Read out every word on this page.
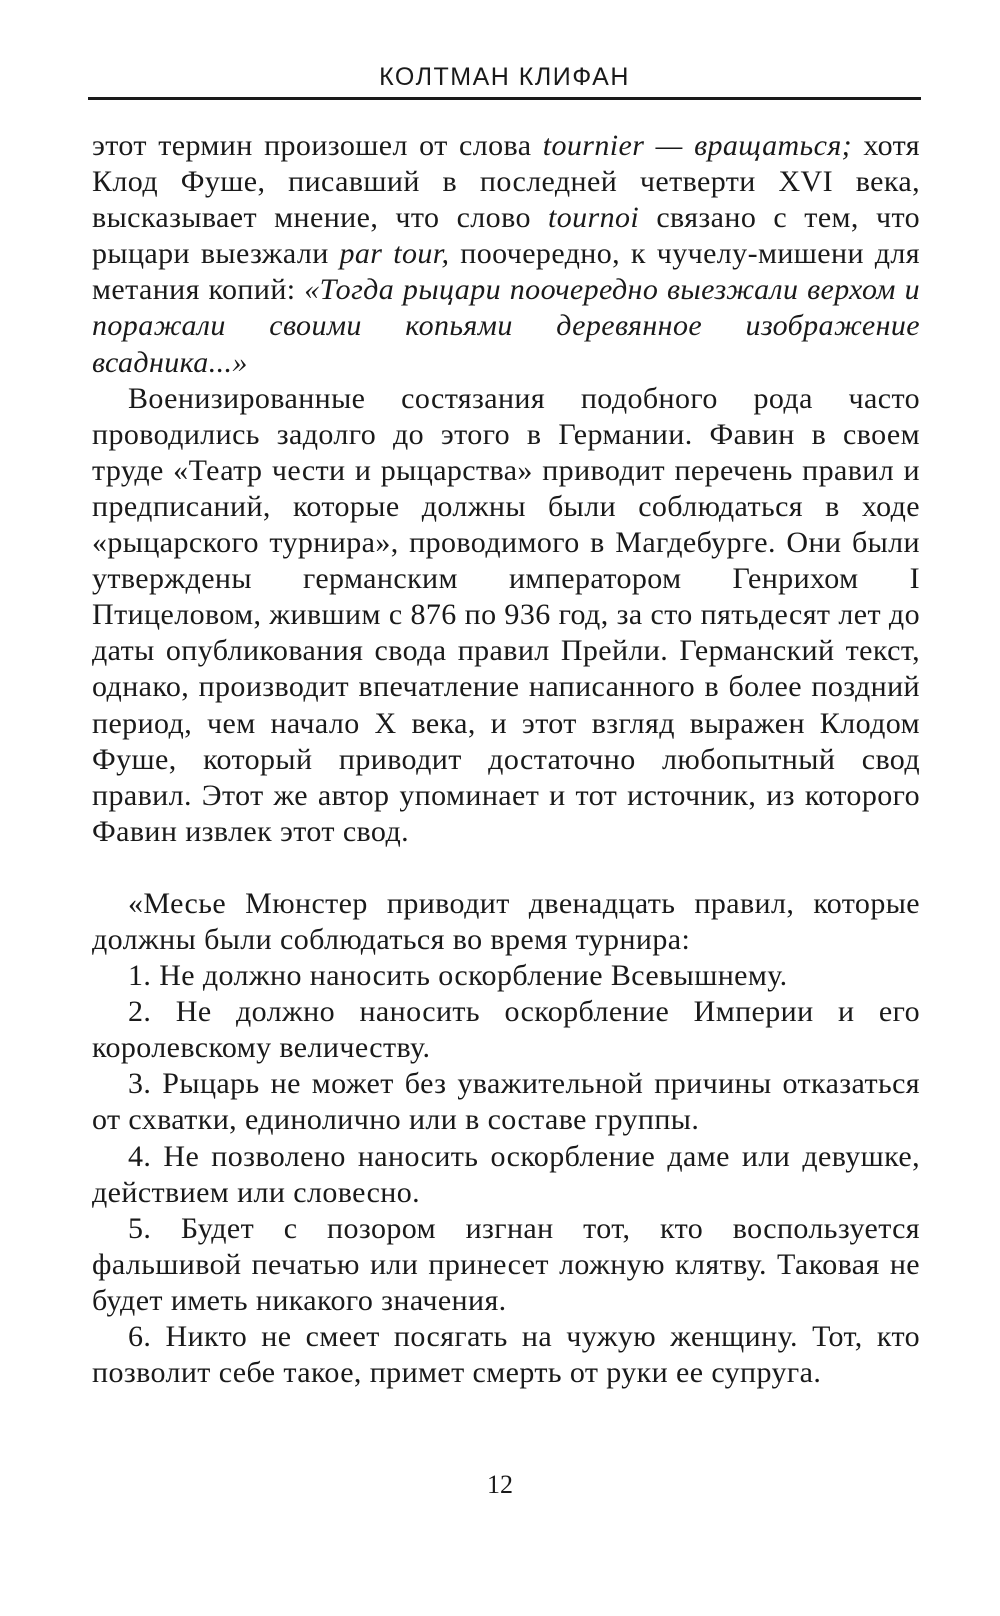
КОЛТМАН КЛИФАН

этот термин произошел от слова tournier — вращаться; хотя Клод Фуше, писавший в последней четверти XVI века, высказывает мнение, что слово tournoi связано с тем, что рыцари выезжали par tour, поочередно, к чучелу-мишени для метания копий: «Тогда рыцари поочередно выезжали верхом и поражали своими копьями деревянное изображение всадника...»

Военизированные состязания подобного рода часто проводились задолго до этого в Германии. Фавин в своем труде «Театр чести и рыцарства» приводит перечень правил и предписаний, которые должны были соблюдаться в ходе «рыцарского турнира», проводимого в Магдебурге. Они были утверждены германским императором Генрихом I Птицеловом, жившим с 876 по 936 год, за сто пятьдесят лет до даты опубликования свода правил Прейли. Германский текст, однако, производит впечатление написанного в более поздний период, чем начало X века, и этот взгляд выражен Клодом Фуше, который приводит достаточно любопытный свод правил. Этот же автор упоминает и тот источник, из которого Фавин извлек этот свод.

«Месье Мюнстер приводит двенадцать правил, которые должны были соблюдаться во время турнира:

1. Не должно наносить оскорбление Всевышнему.

2. Не должно наносить оскорбление Империи и его королевскому величеству.

3. Рыцарь не может без уважительной причины отказаться от схватки, единолично или в составе группы.

4. Не позволено наносить оскорбление даме или девушке, действием или словесно.

5. Будет с позором изгнан тот, кто воспользуется фальшивой печатью или принесет ложную клятву. Таковая не будет иметь никакого значения.

6. Никто не смеет посягать на чужую женщину. Тот, кто позволит себе такое, примет смерть от руки ее супруга.

12
